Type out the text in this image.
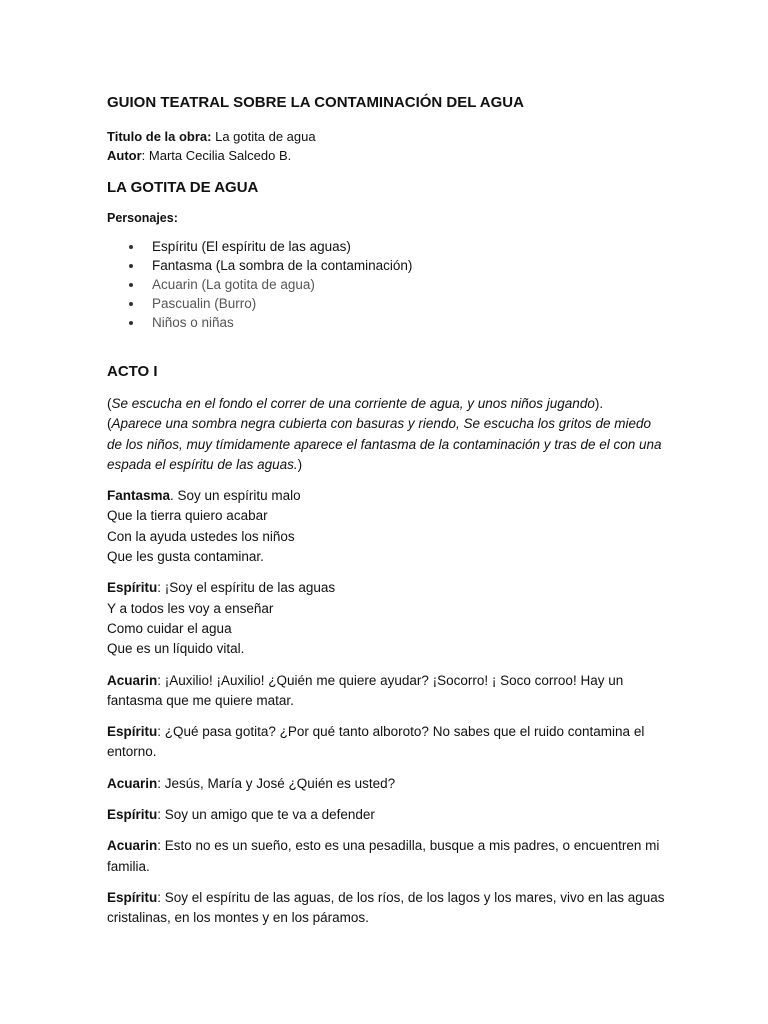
GUION TEATRAL SOBRE LA CONTAMINACIÓN DEL AGUA
Titulo de la obra: La gotita de agua
Autor: Marta Cecilia Salcedo B.
LA GOTITA DE AGUA
Personajes:
Espíritu (El espíritu de las aguas)
Fantasma (La sombra de la contaminación)
Acuarin (La gotita de agua)
Pascualin (Burro)
Niños o niñas
ACTO I
(Se escucha en el fondo el correr de una corriente de agua, y unos niños jugando).
(Aparece una sombra negra cubierta con basuras y riendo, Se escucha los gritos de miedo de los niños, muy tímidamente aparece el fantasma de la contaminación y tras de el con una espada el espíritu de las aguas.)
Fantasma. Soy un espíritu malo
Que la tierra quiero acabar
Con la ayuda ustedes los niños
Que les gusta contaminar.
Espíritu: ¡Soy el espíritu de las aguas
Y a todos les voy a enseñar
Como cuidar el agua
Que es un líquido vital.
Acuarin: ¡Auxilio! ¡Auxilio! ¿Quién me quiere ayudar? ¡Socorro! ¡ Soco corroo! Hay un fantasma que me quiere matar.
Espíritu: ¿Qué pasa gotita? ¿Por qué tanto alboroto? No sabes que el ruido contamina el entorno.
Acuarin: Jesús, María y José ¿Quién es usted?
Espíritu: Soy un amigo que te va a defender
Acuarin: Esto no es un sueño, esto es una pesadilla, busque a mis padres, o encuentren mi familia.
Espíritu: Soy el espíritu de las aguas, de los ríos, de los lagos y los mares, vivo en las aguas cristalinas, en los montes y en los páramos.
